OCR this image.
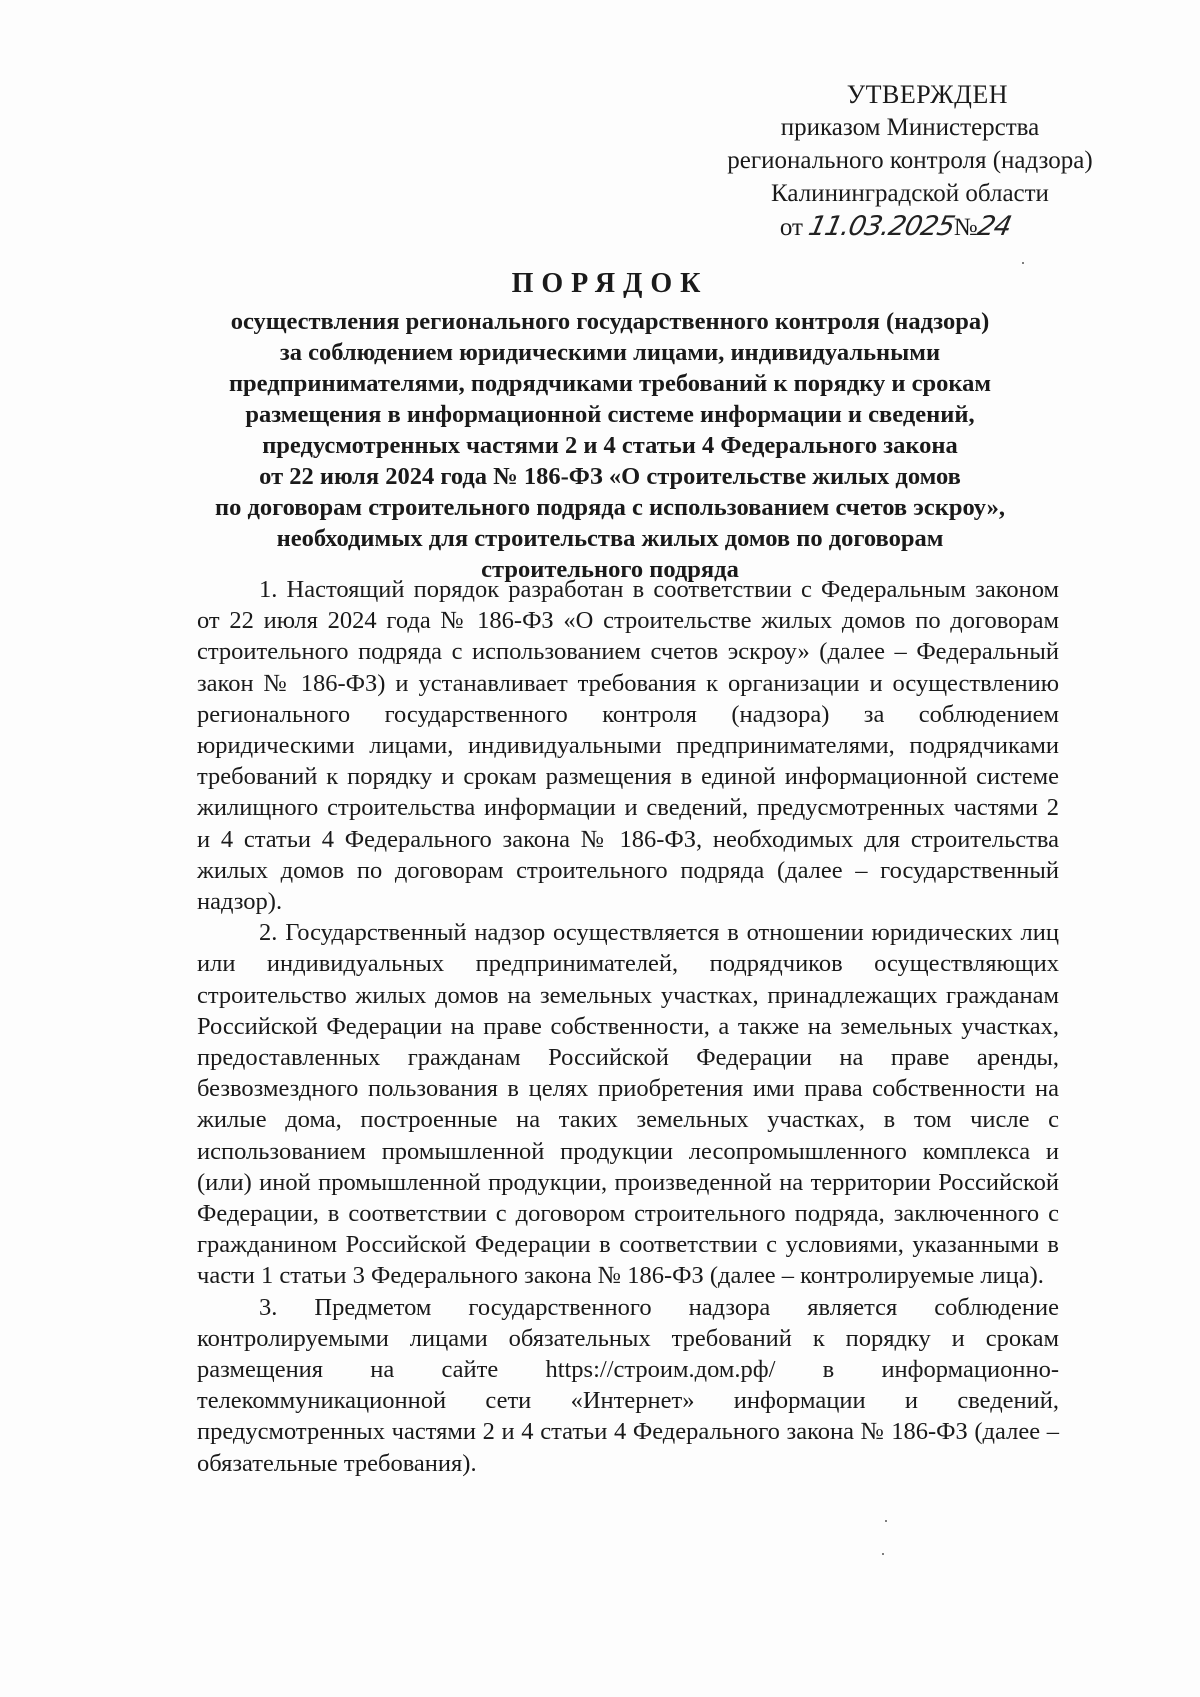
УТВЕРЖДЕН
приказом Министерства
регионального контроля (надзора)
Калининградской области
от 11.03.2025№24
ПОРЯДОК
осуществления регионального государственного контроля (надзора)
за соблюдением юридическими лицами, индивидуальными
предпринимателями, подрядчиками требований к порядку и срокам
размещения в информационной системе информации и сведений,
предусмотренных частями 2 и 4 статьи 4 Федерального закона
от 22 июля 2024 года № 186-ФЗ «О строительстве жилых домов
по договорам строительного подряда с использованием счетов эскроу»,
необходимых для строительства жилых домов по договорам
строительного подряда

1. Настоящий порядок разработан в соответствии с Федеральным законом от 22 июля 2024 года № 186-ФЗ «О строительстве жилых домов по договорам строительного подряда с использованием счетов эскроу» (далее – Федеральный закон № 186-ФЗ) и устанавливает требования к организации и осуществлению регионального государственного контроля (надзора) за соблюдением юридическими лицами, индивидуальными предпринимателями, подрядчиками требований к порядку и срокам размещения в единой информационной системе жилищного строительства информации и сведений, предусмотренных частями 2 и 4 статьи 4 Федерального закона № 186-ФЗ, необходимых для строительства жилых домов по договорам строительного подряда (далее – государственный надзор).

2. Государственный надзор осуществляется в отношении юридических лиц или индивидуальных предпринимателей, подрядчиков осуществляющих строительство жилых домов на земельных участках, принадлежащих гражданам Российской Федерации на праве собственности, а также на земельных участках, предоставленных гражданам Российской Федерации на праве аренды, безвозмездного пользования в целях приобретения ими права собственности на жилые дома, построенные на таких земельных участках, в том числе с использованием промышленной продукции лесопромышленного комплекса и (или) иной промышленной продукции, произведенной на территории Российской Федерации, в соответствии с договором строительного подряда, заключенного с гражданином Российской Федерации в соответствии с условиями, указанными в части 1 статьи 3 Федерального закона № 186-ФЗ (далее – контролируемые лица).

3. Предметом государственного надзора является соблюдение контролируемыми лицами обязательных требований к порядку и срокам размещения на сайте https://строим.дом.рф/ в информационно-телекоммуникационной сети «Интернет» информации и сведений, предусмотренных частями 2 и 4 статьи 4 Федерального закона № 186-ФЗ (далее – обязательные требования).
